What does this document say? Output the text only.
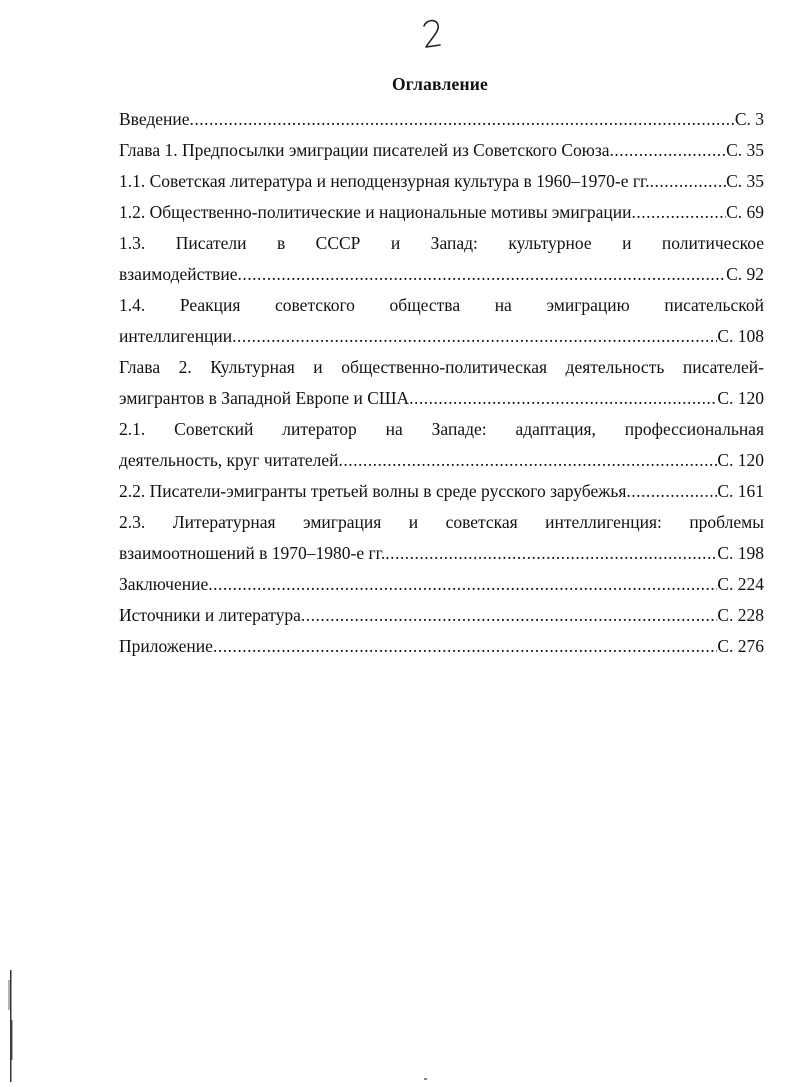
Оглавление
Введение .....	С. 3
Глава 1. Предпосылки эмиграции писателей из Советского Союза .....	С. 35
1.1. Советская литература и неподцензурная культура в 1960–1970-е гг. .....	С. 35
1.2. Общественно-политические и национальные мотивы эмиграции .....	С. 69
1.3. Писатели в СССР и Запад: культурное и политическое
взаимодействие .....	С. 92
1.4. Реакция советского общества на эмиграцию писательской
интеллигенции .....	С. 108
Глава 2. Культурная и общественно-политическая деятельность писателей-
эмигрантов в Западной Европе и США .....	С. 120
2.1. Советский литератор на Западе: адаптация, профессиональная
деятельность, круг читателей .....	С. 120
2.2. Писатели-эмигранты третьей волны в среде русского зарубежья .....	С. 161
2.3. Литературная эмиграция и советская интеллигенция: проблемы
взаимоотношений в 1970–1980-е гг. .....	С. 198
Заключение .....	С. 224
Источники и литература .....	С. 228
Приложение .....	С. 276
